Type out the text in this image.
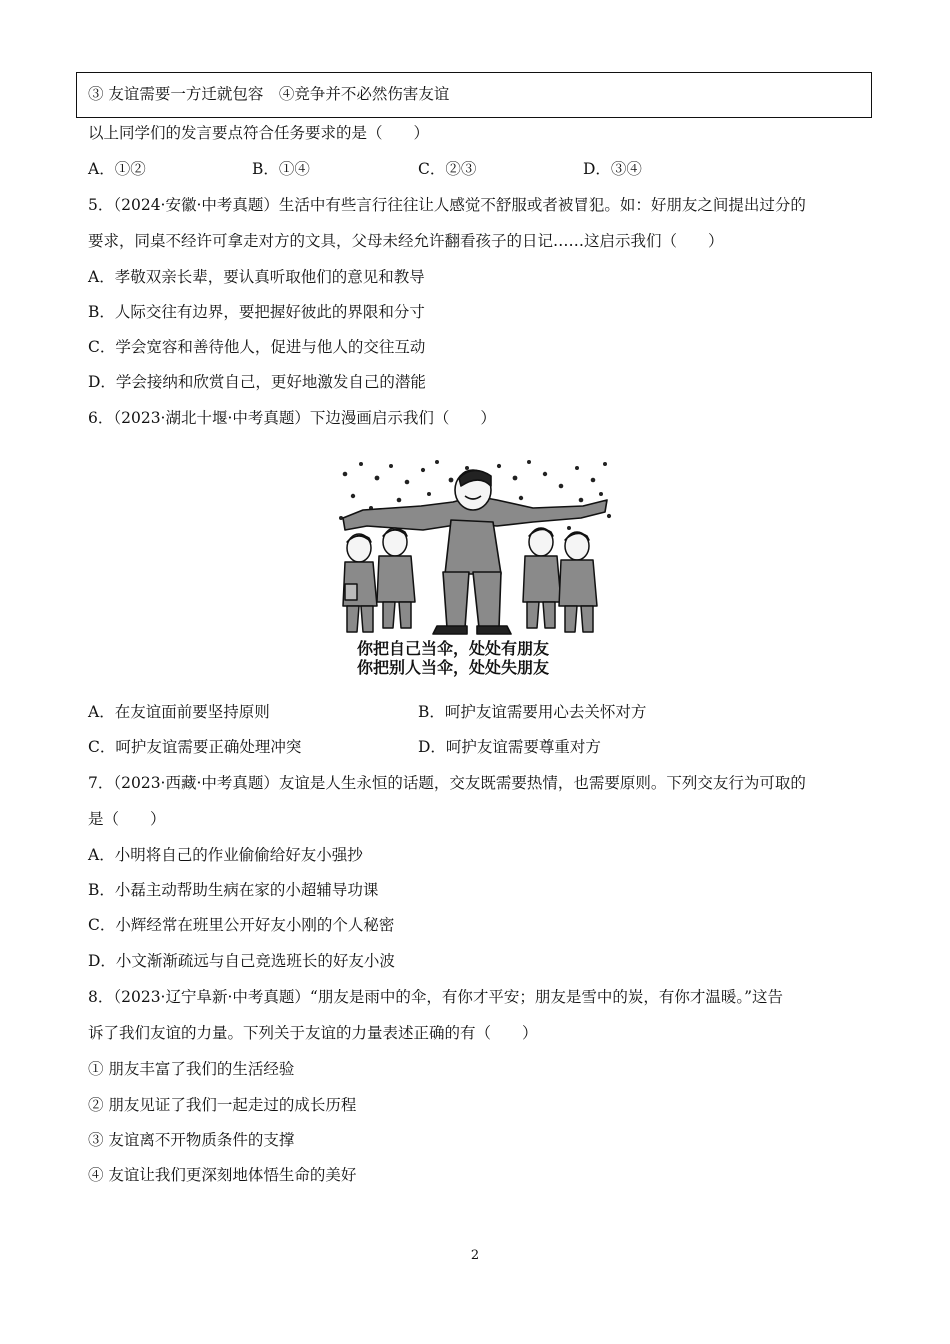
③ 友谊需要一方迁就包容　④竞争并不必然伤害友谊
以上同学们的发言要点符合任务要求的是（　　）
A．①②	B．①④	C．②③	D．③④
5．（2024·安徽·中考真题）生活中有些言行往往让人感觉不舒服或者被冒犯。如：好朋友之间提出过分的
要求，同桌不经许可拿走对方的文具，父母未经允许翻看孩子的日记……这启示我们（　　）
A．孝敬双亲长辈，要认真听取他们的意见和教导
B．人际交往有边界，要把握好彼此的界限和分寸
C．学会宽容和善待他人，促进与他人的交往互动
D．学会接纳和欣赏自己，更好地激发自己的潜能
6．（2023·湖北十堰·中考真题）下边漫画启示我们（　　）
你把自己当伞，处处有朋友
你把别人当伞，处处失朋友
A．在友谊面前要坚持原则	B．呵护友谊需要用心去关怀对方
C．呵护友谊需要正确处理冲突	D．呵护友谊需要尊重对方
7．（2023·西藏·中考真题）友谊是人生永恒的话题，交友既需要热情，也需要原则。下列交友行为可取的
是（　　）
A．小明将自己的作业偷偷给好友小强抄
B．小磊主动帮助生病在家的小超辅导功课
C．小辉经常在班里公开好友小刚的个人秘密
D．小文渐渐疏远与自己竞选班长的好友小波
8．（2023·辽宁阜新·中考真题）“朋友是雨中的伞，有你才平安；朋友是雪中的炭，有你才温暖。”这告
诉了我们友谊的力量。下列关于友谊的力量表述正确的有（　　）
① 朋友丰富了我们的生活经验
② 朋友见证了我们一起走过的成长历程
③ 友谊离不开物质条件的支撑
④ 友谊让我们更深刻地体悟生命的美好
2
